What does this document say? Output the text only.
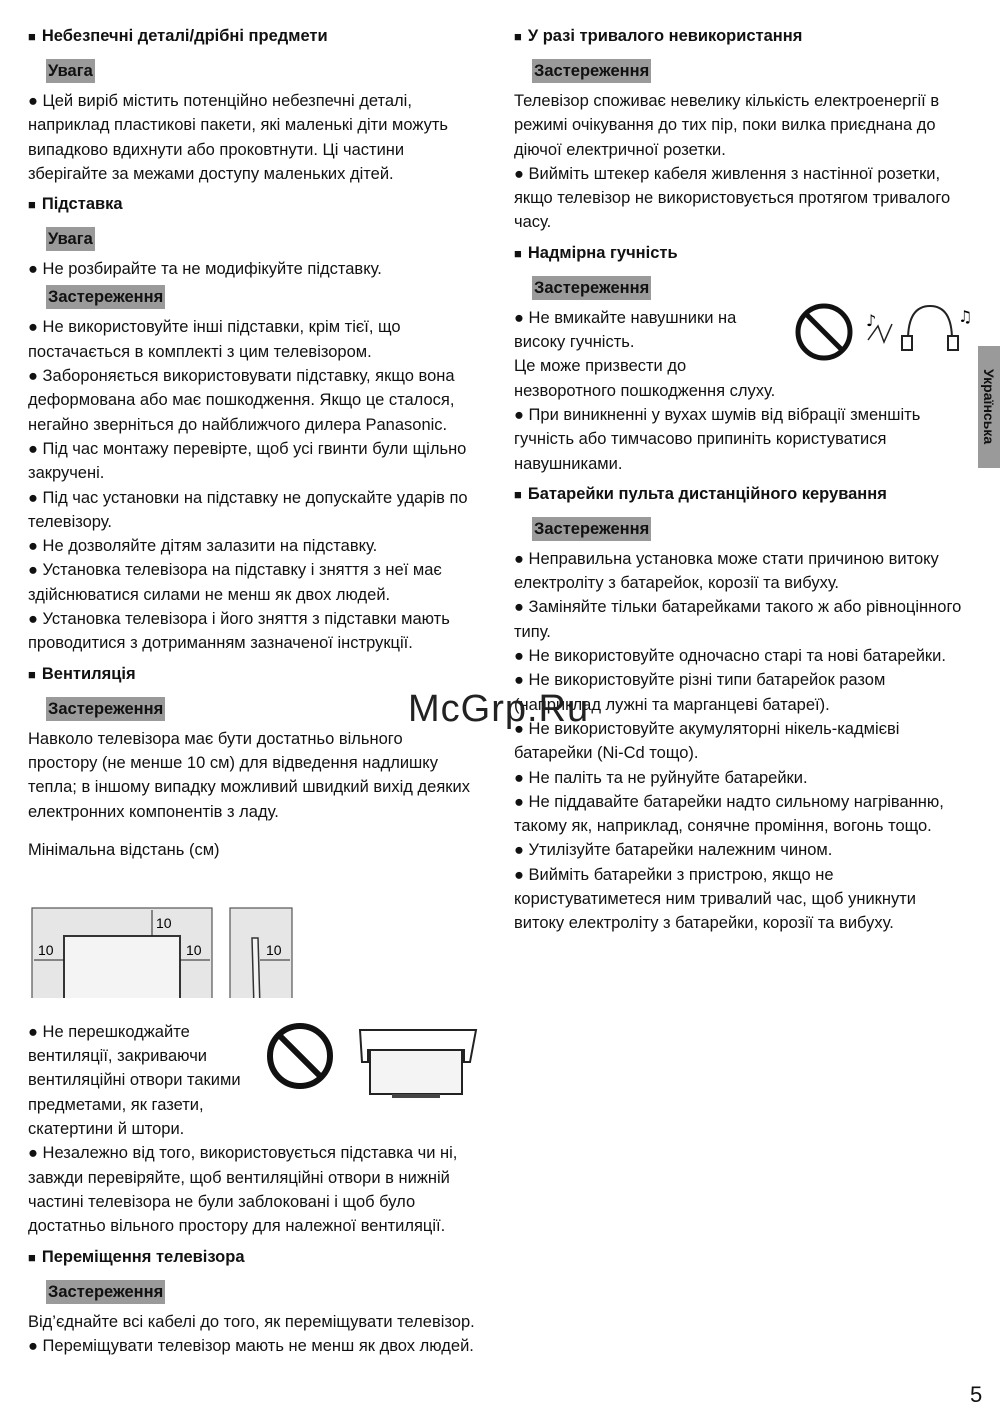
■ Небезпечні деталі/дрібні предмети
Увага

● Цей виріб містить потенційно небезпечні деталі,

наприклад пластикові пакети, які маленькі діти можуть

випадково вдихнути або проковтнути. Ці частини

зберігайте за межами доступу маленьких дітей.

■ Підставка
Увага

● Не розбирайте та не модифікуйте підставку.

Застереження

● Не використовуйте інші підставки, крім тієї, що

постачається в комплекті з цим телевізором.

● Забороняється використовувати підставку, якщо вона

деформована або має пошкодження. Якщо це сталося,

негайно зверніться до найближчого дилера Panasonic.

● Під час монтажу перевірте, щоб усі гвинти були щільно

закручені.

● Під час установки на підставку не допускайте ударів по

телевізору.

● Не дозволяйте дітям залазити на підставку.

● Установка телевізора на підставку і зняття з неї має

здійснюватися силами не менш як двох людей.

● Установка телевізора і його зняття з підставки мають

проводитися з дотриманням зазначеної інструкції.

■ Вентиляція
Застереження

Навколо телевізора має бути достатньо вільного

простору (не менше 10 см) для відведення надлишку

тепла; в іншому випадку можливий швидкий вихід деяких

електронних компонентів з ладу.

Мінімальна відстань (см)

10
10	10	10

● Не перешкоджайте

вентиляції, закриваючи

вентиляційні отвори такими

предметами, як газети,

скатертини й штори.

● Незалежно від того, використовується підставка чи ні,

завжди перевіряйте, щоб вентиляційні отвори в нижній

частині телевізора не були заблоковані і щоб було

достатньо вільного простору для належної вентиляції.

■ Переміщення телевізора
Застереження

Від’єднайте всі кабелі до того, як переміщувати телевізор.

● Переміщувати телевізор мають не менш як двох людей.

■ У разі тривалого невикористання
Застереження

Телевізор споживає невелику кількість електроенергії в

режимі очікування до тих пір, поки вилка приєднана до

діючої електричної розетки.

● Вийміть штекер кабеля живлення з настінної розетки,

якщо телевізор не використовується протягом тривалого

часу.

■ Надмірна гучність
Застереження

● Не вмикайте навушники на

високу гучність.

Це може призвести до

незворотного пошкодження слуху.

♪	♫

● При виникненні у вухах шумів від вібрації зменшіть

гучність або тимчасово припиніть користуватися

навушниками.

■ Батарейки пульта дистанційного керування
Застереження

● Неправильна установка може стати причиною витоку

електроліту з батарейок, корозії та вибуху.

● Заміняйте тільки батарейками такого ж або рівноцінного

типу.

● Не використовуйте одночасно старі та нові батарейки.

● Не використовуйте різні типи батарейок разом

(наприклад лужні та марганцеві батареї).

● Не використовуйте акумуляторні нікель-кадмієві

батарейки (Ni-Cd тощо).

● Не паліть та не руйнуйте батарейки.

● Не піддавайте батарейки надто сильному нагріванню,

такому як, наприклад, сонячне проміння, вогонь тощо.

● Утилізуйте батарейки належним чином.

● Вийміть батарейки з пристрою, якщо не

користуватиметеся ним тривалий час, щоб уникнути

витоку електроліту з батарейки, корозії та вибуху.

Українська
McGrp.Ru
5
